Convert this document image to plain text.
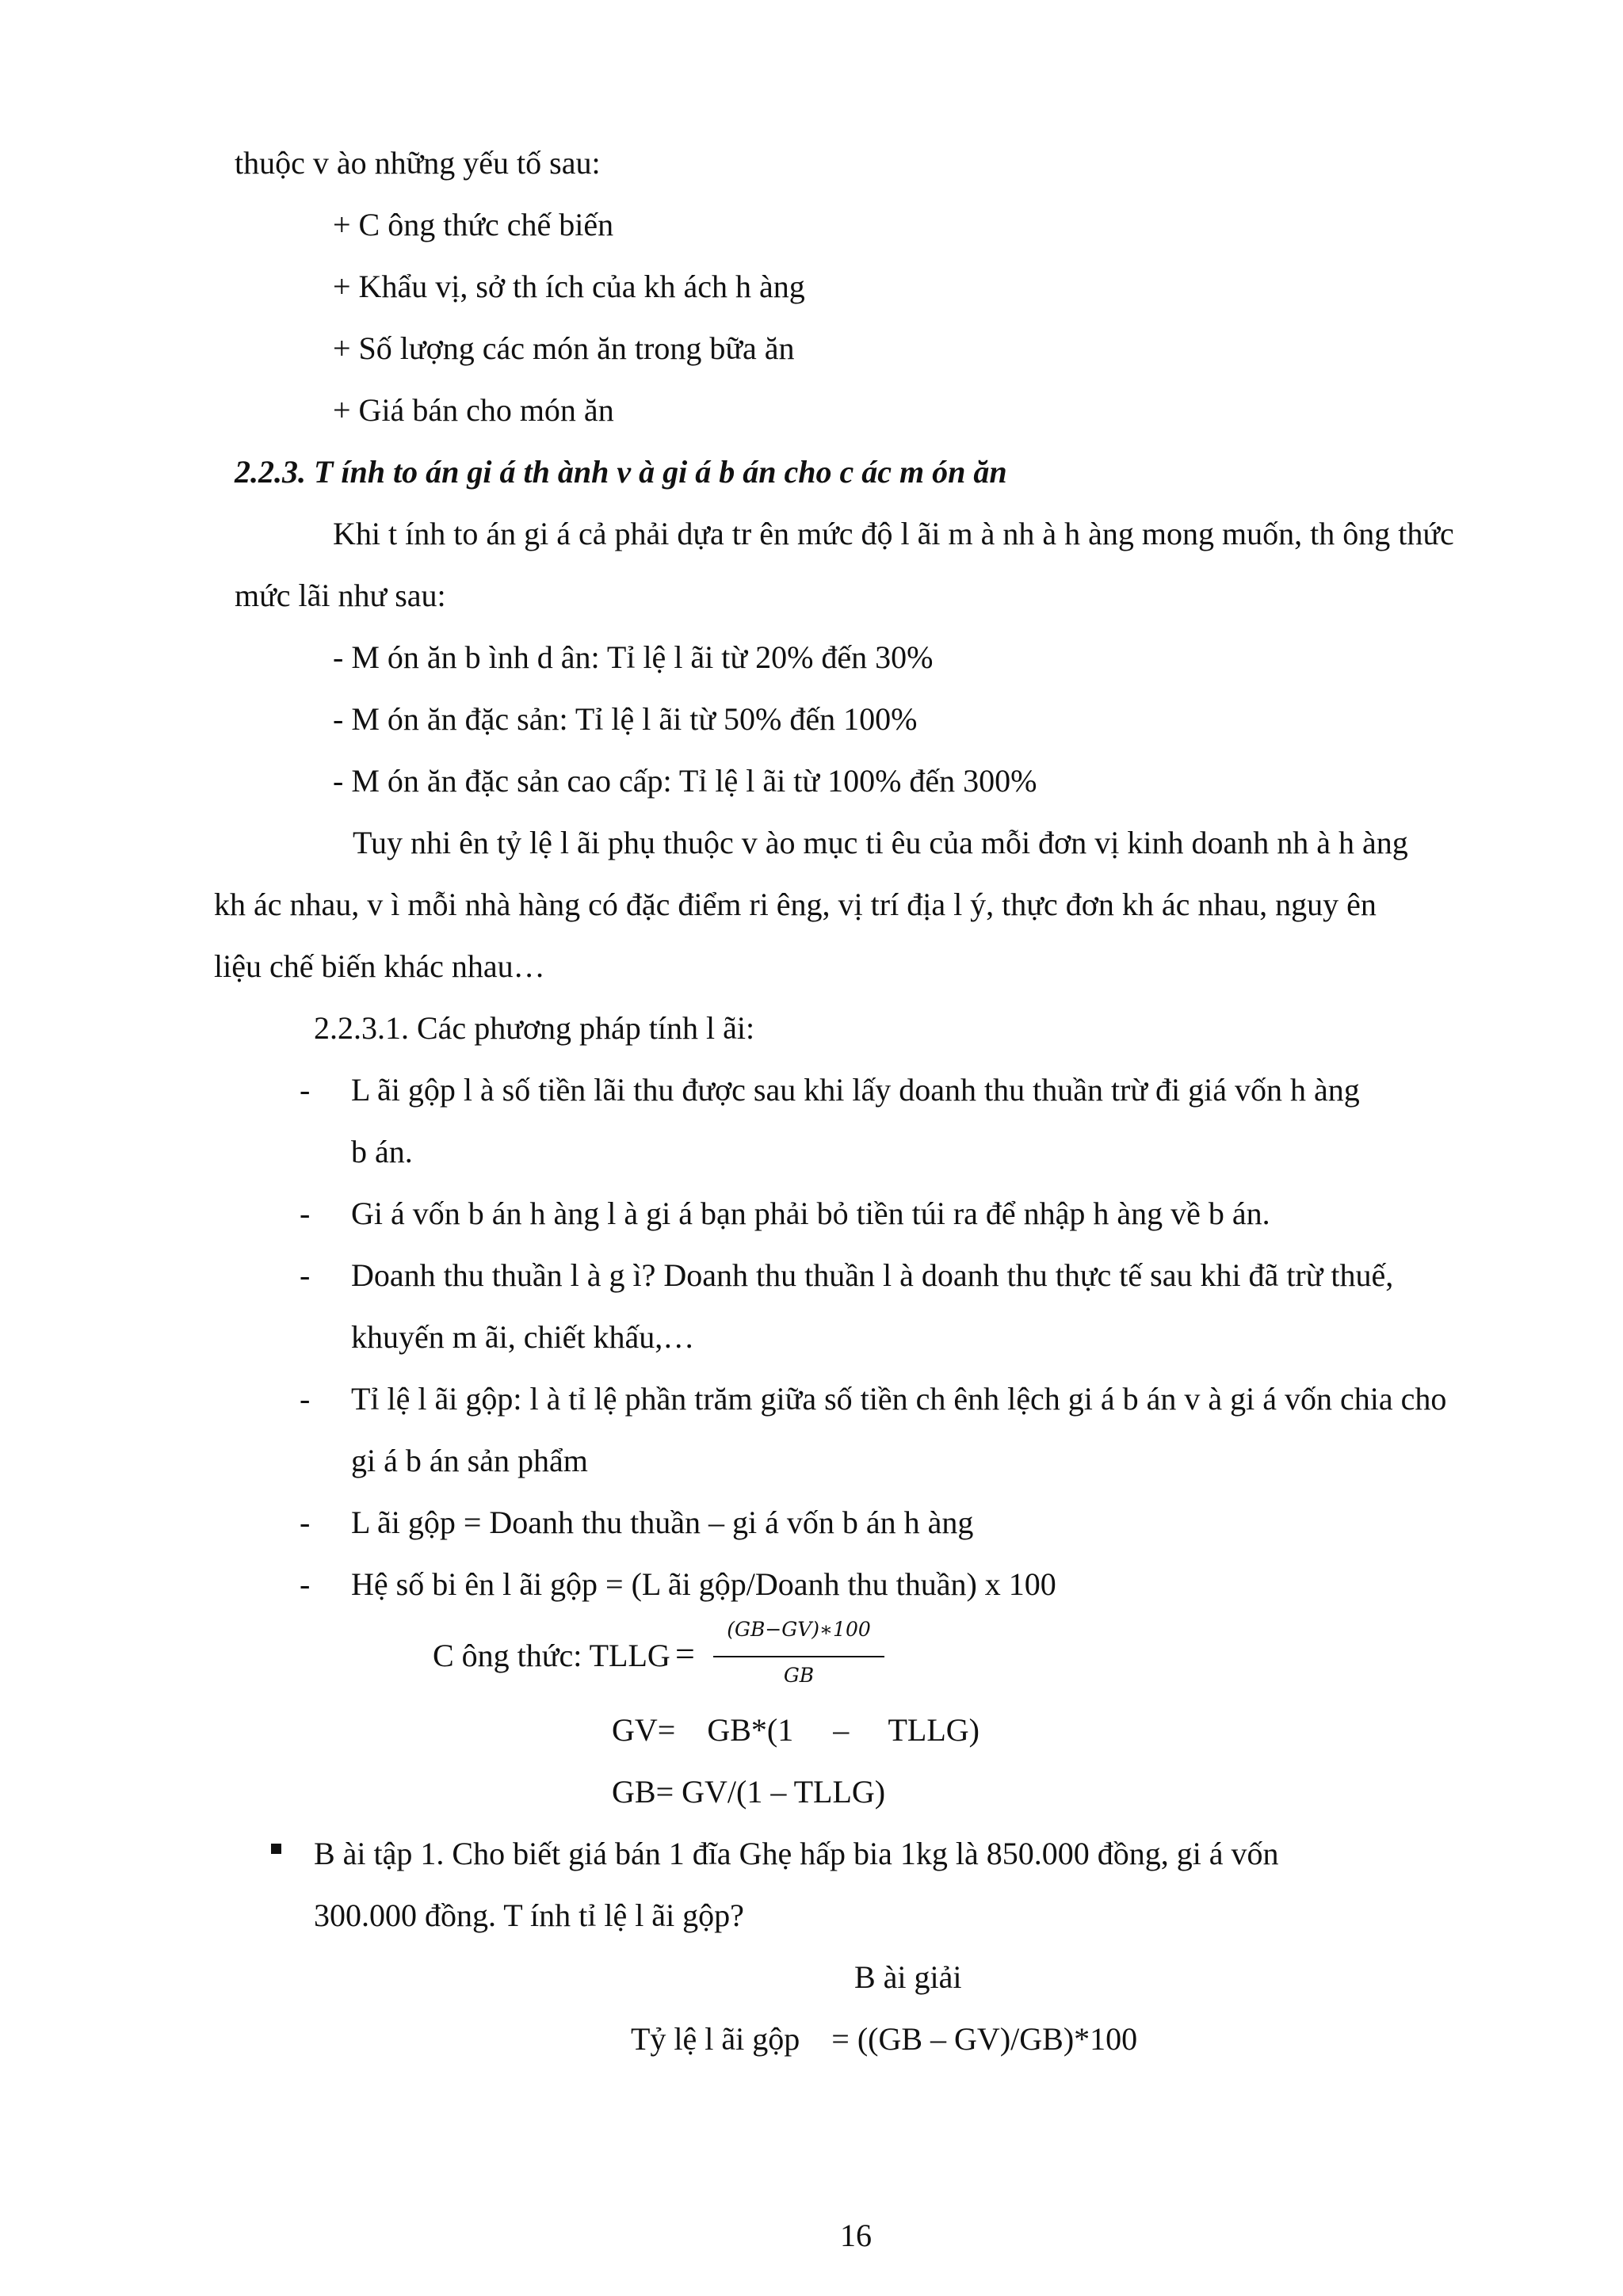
thuộc v ào những yếu tố sau:
+ C ông thức chế biến
+ Khẩu vị, sở th ích của kh ách h àng
+ Số lượng các món ăn trong bữa ăn
+ Giá bán cho món ăn
2.2.3. T ính to án gi á th ành v à gi á b án cho c ác m ón ăn
Khi t ính to án gi á cả phải dựa tr ên mức độ l ãi m à nh à h àng mong muốn, th ông thức
mức lãi như sau:
- M ón ăn b ình d ân: Tỉ lệ l ãi từ 20% đến 30%
- M ón ăn đặc sản: Tỉ lệ l ãi từ 50% đến 100%
- M ón ăn đặc sản cao cấp: Tỉ lệ l ãi từ 100% đến 300%
Tuy nhi ên tỷ lệ l ãi phụ thuộc v ào mục ti êu của mỗi đơn vị kinh doanh nh à h àng
kh ác nhau, v ì mỗi nhà hàng có đặc điểm ri êng, vị trí địa l ý, thực đơn kh ác nhau, nguy ên
liệu chế biến khác nhau…
2.2.3.1. Các phương pháp tính l ãi:
- L ãi gộp l à số tiền lãi thu được sau khi lấy doanh thu thuần trừ đi giá vốn h àng
b án.
- Gi á vốn b án h àng l à gi á bạn phải bỏ tiền túi ra để nhập h àng về b án.
- Doanh thu thuần l à g ì? Doanh thu thuần l à doanh thu thực tế sau khi đã trừ thuế,
khuyến m ãi, chiết khấu,…
- Tỉ lệ l ãi gộp: l à tỉ lệ phần trăm giữa số tiền ch ênh lệch gi á b án v à gi á vốn chia cho
gi á b án sản phẩm
- L ãi gộp = Doanh thu thuần – gi á vốn b án h àng
- Hệ số bi ên l ãi gộp = (L ãi gộp/Doanh thu thuần) x 100
C ông thức: TLLG =
(GB−GV)∗100
GB
GV=    GB*(1     –     TLLG)
GB= GV/(1 – TLLG)
B ài tập 1. Cho biết giá bán 1 đĩa Ghẹ hấp bia 1kg là 850.000 đồng, gi á vốn
300.000 đồng. T ính tỉ lệ l ãi gộp?
B ài giải
Tỷ lệ l ãi gộp    = ((GB – GV)/GB)*100
16
